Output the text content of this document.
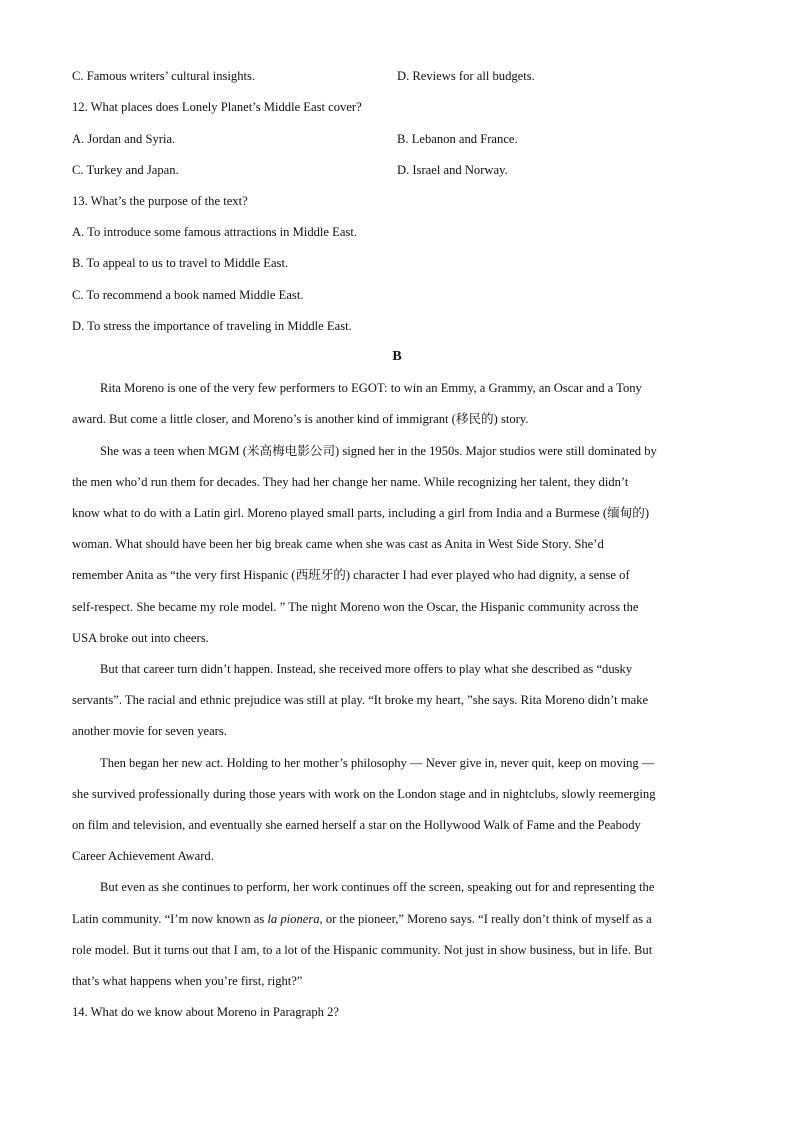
C. Famous writers’ cultural insights.	D. Reviews for all budgets.
12. What places does Lonely Planet’s Middle East cover?
A. Jordan and Syria.	B. Lebanon and France.
C. Turkey and Japan.	D. Israel and Norway.
13. What’s the purpose of the text?
A. To introduce some famous attractions in Middle East.
B. To appeal to us to travel to Middle East.
C. To recommend a book named Middle East.
D. To stress the importance of traveling in Middle East.
B
Rita Moreno is one of the very few performers to EGOT: to win an Emmy, a Grammy, an Oscar and a Tony
award. But come a little closer, and Moreno’s is another kind of immigrant (移民的) story.
She was a teen when MGM (米高梅电影公司) signed her in the 1950s. Major studios were still dominated by
the men who’d run them for decades. They had her change her name. While recognizing her talent, they didn’t
know what to do with a Latin girl. Moreno played small parts, including a girl from India and a Burmese (缅甸的)
woman. What should have been her big break came when she was cast as Anita in West Side Story. She’d
remember Anita as “the very first Hispanic (西班牙的) character I had ever played who had dignity, a sense of
self-respect. She became my role model. ” The night Moreno won the Oscar, the Hispanic community across the
USA broke out into cheers.
But that career turn didn’t happen. Instead, she received more offers to play what she described as “dusky
servants”. The racial and ethnic prejudice was still at play. “It broke my heart, ”she says. Rita Moreno didn’t make
another movie for seven years.
Then began her new act. Holding to her mother’s philosophy — Never give in, never quit, keep on moving —
she survived professionally during those years with work on the London stage and in nightclubs, slowly reemerging
on film and television, and eventually she earned herself a star on the Hollywood Walk of Fame and the Peabody
Career Achievement Award.
But even as she continues to perform, her work continues off the screen, speaking out for and representing the
Latin community. “I’m now known as la pionera, or the pioneer,” Moreno says. “I really don’t think of myself as a
role model. But it turns out that I am, to a lot of the Hispanic community. Not just in show business, but in life. But
that’s what happens when you’re first, right?”
14. What do we know about Moreno in Paragraph 2?
